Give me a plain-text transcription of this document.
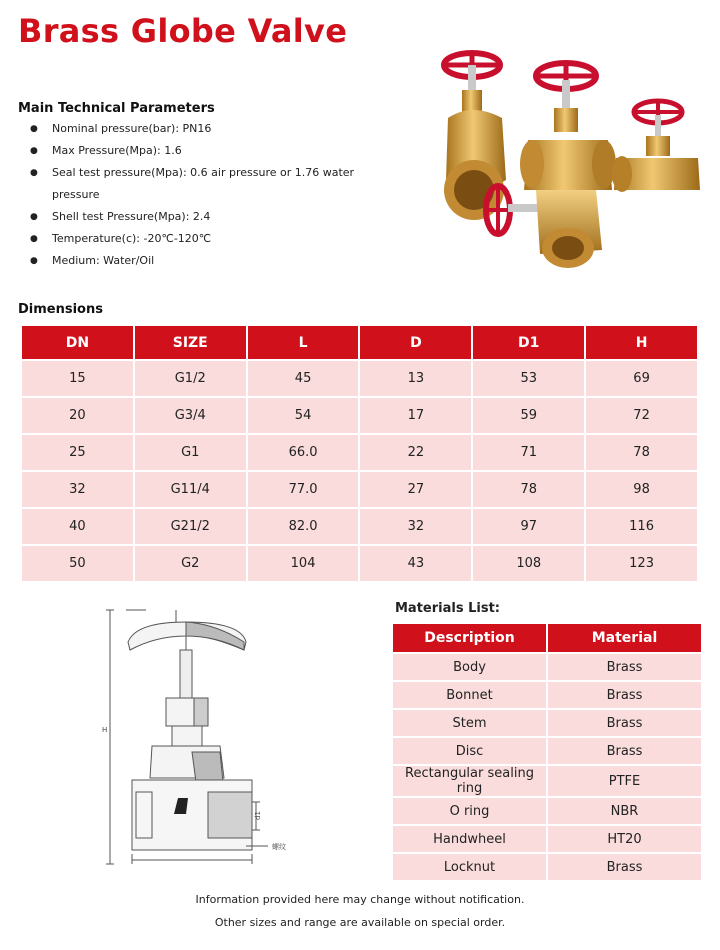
Brass Globe Valve
Main Technical Parameters
●	Nominal pressure(bar): PN16
●	Max Pressure(Mpa): 1.6
●	Seal test pressure(Mpa): 0.6 air pressure or 1.76 water pressure
●	Shell test Pressure(Mpa): 2.4
●	Temperature(c): -20℃-120℃
●	Medium: Water/Oil
Dimensions
DN	SIZE	L	D	D1	H
15	G1/2	45	13	53	69
20	G3/4	54	17	59	72
25	G1	66.0	22	71	78
32	G11/4	77.0	27	78	98
40	G21/2	82.0	32	97	116
50	G2	104	43	108	123
H
d1
螺纹
Materials List:
Description	Material
Body	Brass
Bonnet	Brass
Stem	Brass
Disc	Brass
Rectangular sealing ring	PTFE
O ring	NBR
Handwheel	HT20
Locknut	Brass
Information provided here may change without notification.
Other sizes and range are available on special order.
